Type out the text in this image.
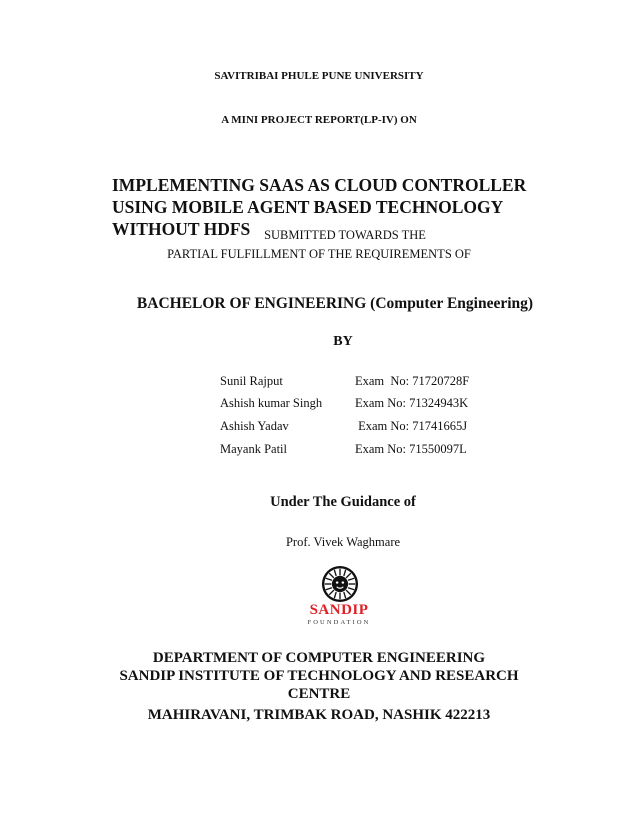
SAVITRIBAI PHULE PUNE UNIVERSITY

A MINI PROJECT REPORT(LP-IV) ON

IMPLEMENTING SAAS AS CLOUD CONTROLLER USING MOBILE AGENT BASED TECHNOLOGY WITHOUT HDFS	SUBMITTED TOWARDS THE

PARTIAL FULFILLMENT OF THE REQUIREMENTS OF

BACHELOR OF ENGINEERING (Computer Engineering)

BY

Sunil Rajput	Exam  No: 71720728F
Ashish kumar Singh	Exam No: 71324943K
Ashish Yadav	Exam No: 71741665J
Mayank Patil	Exam No: 71550097L

Under The Guidance of

Prof. Vivek Waghmare

SANDIP
FOUNDATION

DEPARTMENT OF COMPUTER ENGINEERING

SANDIP INSTITUTE OF TECHNOLOGY AND RESEARCH

CENTRE

MAHIRAVANI, TRIMBAK ROAD, NASHIK 422213
